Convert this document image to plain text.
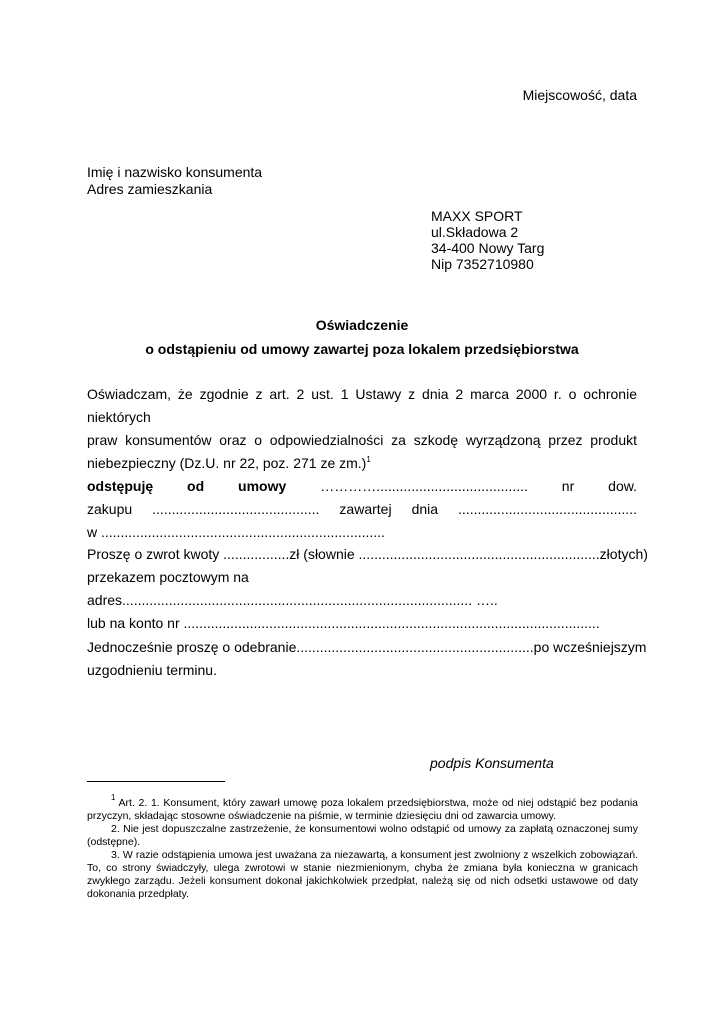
Miejscowość, data
Imię i nazwisko konsumenta
Adres zamieszkania
MAXX SPORT
ul.Składowa 2
34-400 Nowy Targ
Nip 7352710980
Oświadczenie
o odstąpieniu od umowy zawartej poza lokalem przedsiębiorstwa
Oświadczam, że zgodnie z art. 2 ust. 1 Ustawy z dnia 2 marca 2000 r. o ochronie niektórych
praw konsumentów oraz o odpowiedzialności za szkodę wyrządzoną przez produkt
niebezpieczny (Dz.U. nr 22, poz. 271 ze zm.)$^1$
odstępuję od umowy …………....................................... nr dow.
zakupu ........................................... zawartej dnia ..............................................
w .........................................................................
Proszę o zwrot kwoty ................. zł (słownie ..............................................................złotych)
przekazem pocztowym na adres.......................................................................................... …..
lub na konto nr ...........................................................................................................
Jednocześnie proszę o odebranie ............................................................. po wcześniejszym
uzgodnieniu terminu.
podpis Konsumenta

$^1$ Art. 2. 1. Konsument, który zawarł umowę poza lokalem przedsiębiorstwa, może od niej odstąpić bez podania przyczyn, składając stosowne oświadczenie na piśmie, w terminie dziesięciu dni od zawarcia umowy.

2. Nie jest dopuszczalne zastrzeżenie, że konsumentowi wolno odstąpić od umowy za zapłatą oznaczonej sumy (odstępne).

3. W razie odstąpienia umowa jest uważana za niezawartą, a konsument jest zwolniony z wszelkich zobowiązań. To, co strony świadczyły, ulega zwrotowi w stanie niezmienionym, chyba że zmiana była konieczna w granicach zwykłego zarządu. Jeżeli konsument dokonał jakichkolwiek przedpłat, należą się od nich odsetki ustawowe od daty dokonania przedpłaty.
